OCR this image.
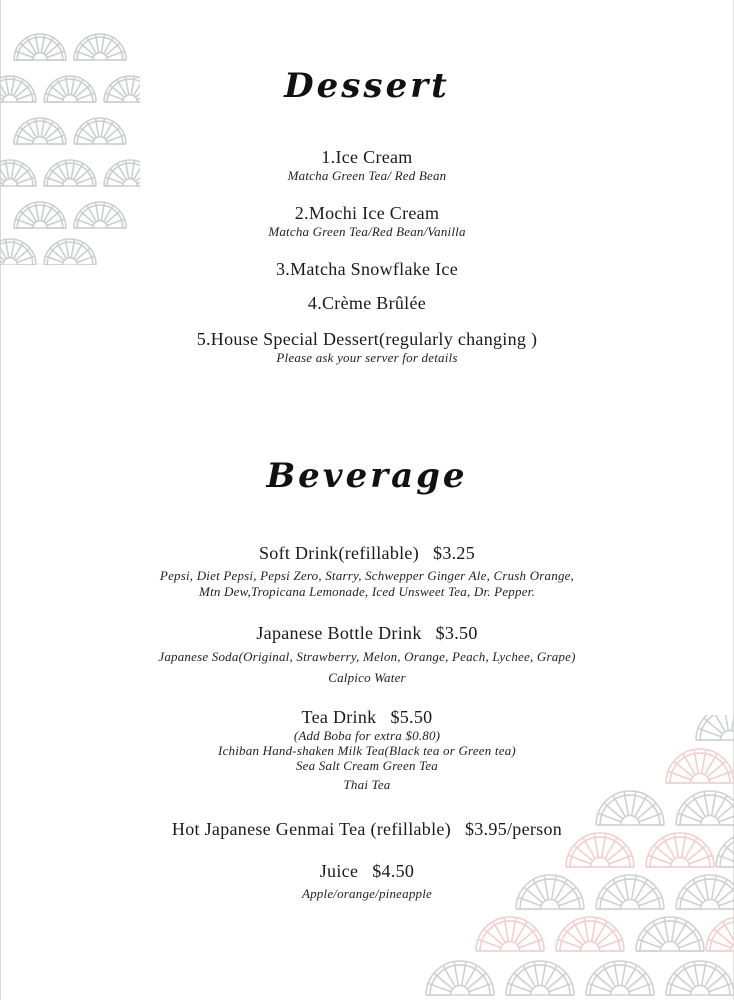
Dessert
1.Ice Cream
Matcha Green Tea/ Red Bean
2.Mochi Ice Cream
Matcha Green Tea/Red Bean/Vanilla
3.Matcha Snowflake Ice
4.Crème Brûlée
5.House Special Dessert(regularly changing )
Please ask your server for details
Beverage
Soft Drink(refillable) $3.25
Pepsi, Diet Pepsi, Pepsi Zero, Starry, Schwepper Ginger Ale, Crush Orange,
Mtn Dew,Tropicana Lemonade, Iced Unsweet Tea, Dr. Pepper.
Japanese Bottle Drink $3.50
Japanese Soda(Original, Strawberry, Melon, Orange, Peach, Lychee, Grape)
Calpico Water
Tea Drink $5.50
(Add Boba for extra $0.80)
Ichiban Hand-shaken Milk Tea(Black tea or Green tea)
Sea Salt Cream Green Tea
Thai Tea
Hot Japanese Genmai Tea (refillable) $3.95/person
Juice $4.50
Apple/orange/pineapple
